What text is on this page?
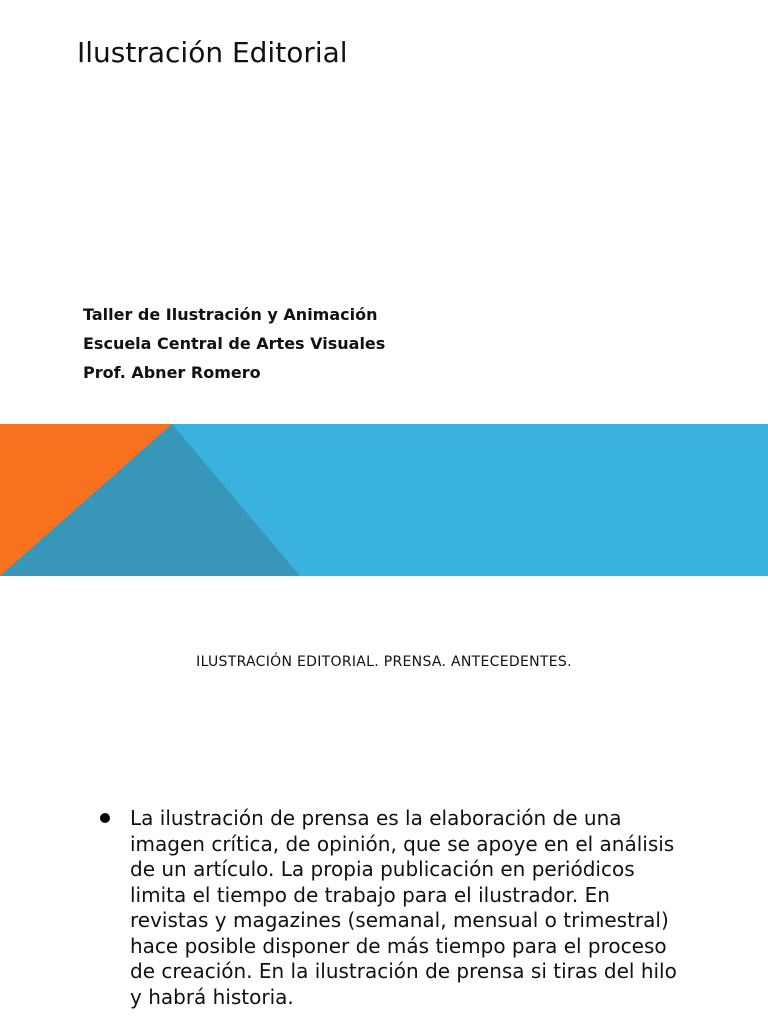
Ilustración Editorial
Taller de Ilustración y Animación
Escuela Central de Artes Visuales
Prof. Abner Romero

ILUSTRACIÓN EDITORIAL. PRENSA. ANTECEDENTES.

La ilustración de prensa es la elaboración de una imagen crítica, de opinión, que se apoye en el análisis de un artículo. La propia publicación en periódicos limita el tiempo de trabajo para el ilustrador. En revistas y magazines (semanal, mensual o trimestral) hace posible disponer de más tiempo para el proceso de creación. En la ilustración de prensa si tiras del hilo y habrá historia.
